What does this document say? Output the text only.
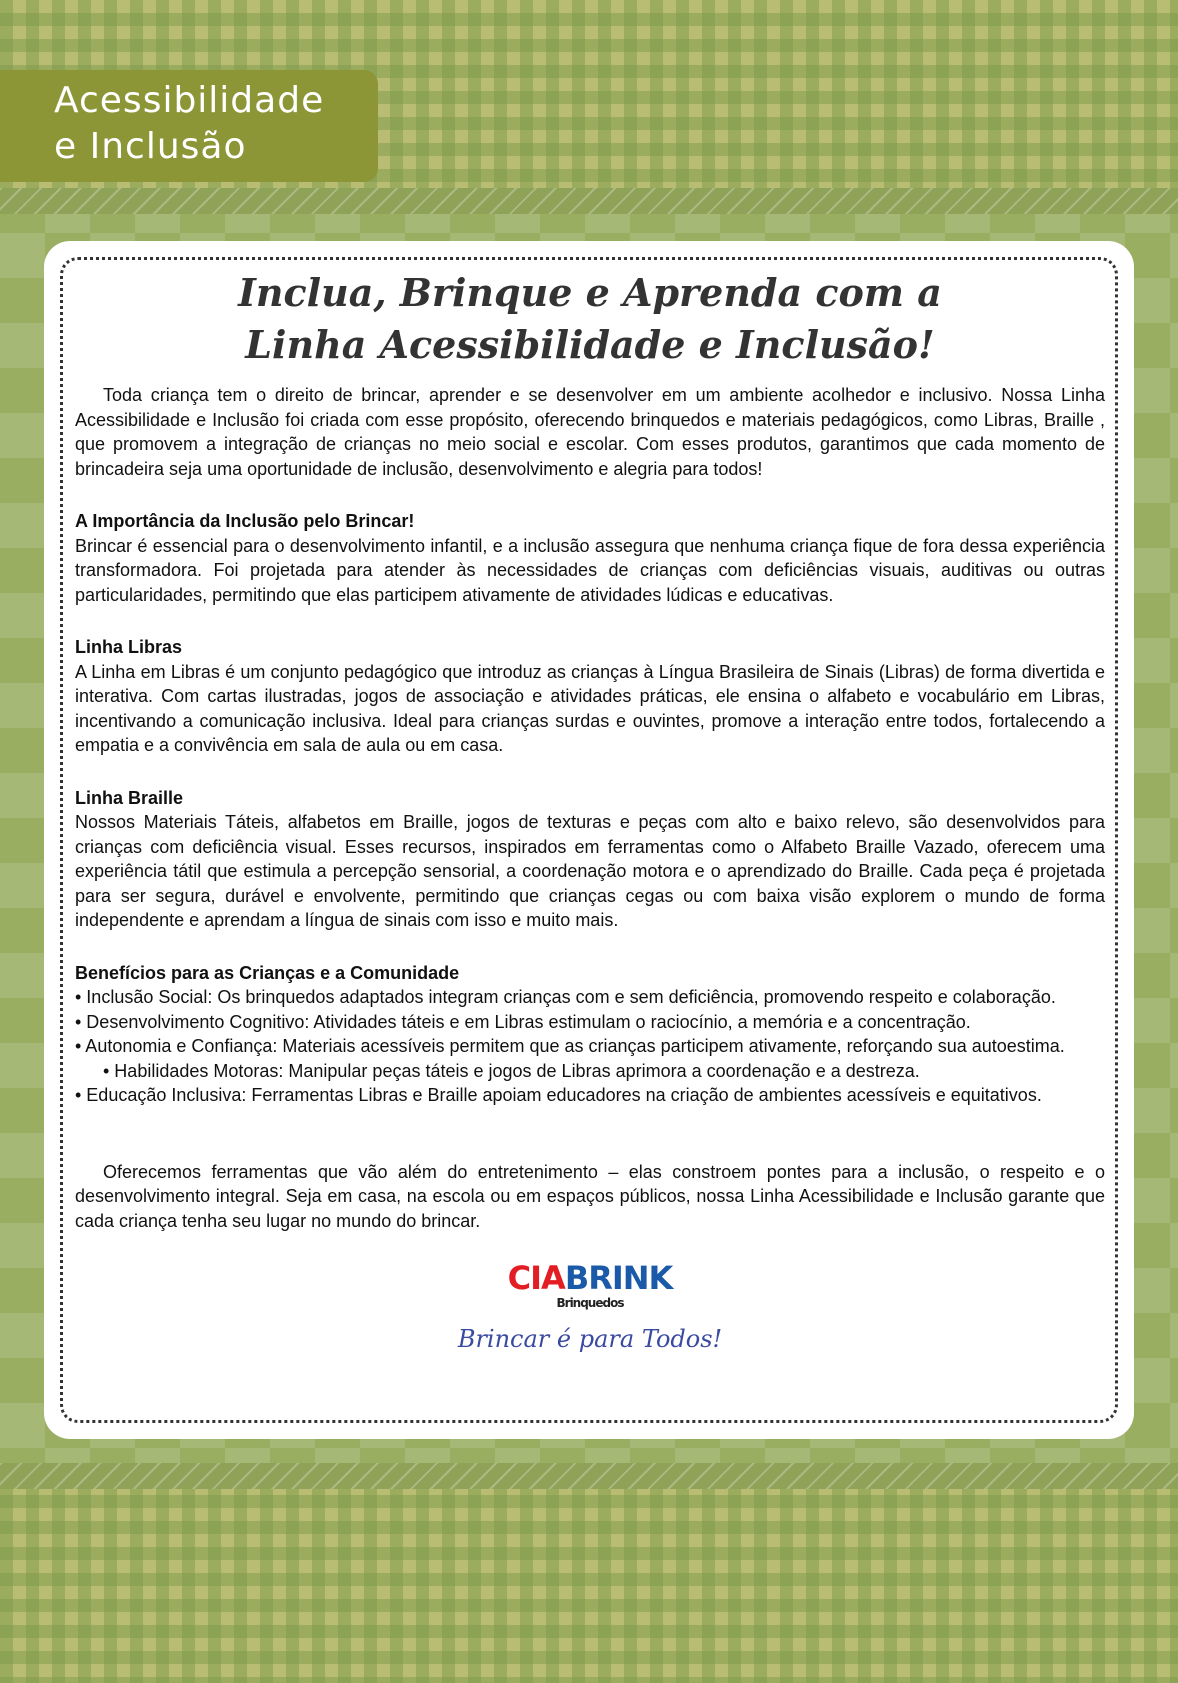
Acessibilidade
e Inclusão
Inclua, Brinque e Aprenda com a
Linha Acessibilidade e Inclusão!

Toda criança tem o direito de brincar, aprender e se desenvolver em um ambiente acolhedor e inclusivo. Nossa Linha Acessibilidade e Inclusão foi criada com esse propósito, oferecendo brinquedos e materiais pedagógicos, como Libras, Braille , que promovem a integração de crianças no meio social e escolar. Com esses produtos, garantimos que cada momento de brincadeira seja uma oportunidade de inclusão, desenvolvimento e alegria para todos!

A Importância da Inclusão pelo Brincar!

Brincar é essencial para o desenvolvimento infantil, e a inclusão assegura que nenhuma criança fique de fora dessa experiência transformadora. Foi projetada para atender às necessidades de crianças com deficiências visuais, auditivas ou outras particularidades, permitindo que elas participem ativamente de atividades lúdicas e educativas.

Linha Libras

A Linha em Libras é um conjunto pedagógico que introduz as crianças à Língua Brasileira de Sinais (Libras) de forma divertida e interativa. Com cartas ilustradas, jogos de associação e atividades práticas, ele ensina o alfabeto e vocabulário em Libras, incentivando a comunicação inclusiva. Ideal para crianças surdas e ouvintes, promove a interação entre todos, fortalecendo a empatia e a convivência em sala de aula ou em casa.

Linha Braille

Nossos Materiais Táteis, alfabetos em Braille, jogos de texturas e peças com alto e baixo relevo, são desenvolvidos para crianças com deficiência visual. Esses recursos, inspirados em ferramentas como o Alfabeto Braille Vazado, oferecem uma experiência tátil que estimula a percepção sensorial, a coordenação motora e o aprendizado do Braille. Cada peça é projetada para ser segura, durável e envolvente, permitindo que crianças cegas ou com baixa visão explorem o mundo de forma independente e aprendam a língua de sinais com isso e muito mais.

Benefícios para as Crianças e a Comunidade

• Inclusão Social: Os brinquedos adaptados integram crianças com e sem deficiência, promovendo respeito e colaboração.

• Desenvolvimento Cognitivo: Atividades táteis e em Libras estimulam o raciocínio, a memória e a concentração.

• Autonomia e Confiança: Materiais acessíveis permitem que as crianças participem ativamente, reforçando sua autoestima.

• Habilidades Motoras: Manipular peças táteis e jogos de Libras aprimora a coordenação e a destreza.

• Educação Inclusiva: Ferramentas Libras e Braille apoiam educadores na criação de ambientes acessíveis e equitativos.

Oferecemos ferramentas que vão além do entretenimento – elas constroem pontes para a inclusão, o respeito e o desenvolvimento integral. Seja em casa, na escola ou em espaços públicos, nossa Linha Acessibilidade e Inclusão garante que cada criança tenha seu lugar no mundo do brincar.

CIABRINK
Brinquedos
Brincar é para Todos!
